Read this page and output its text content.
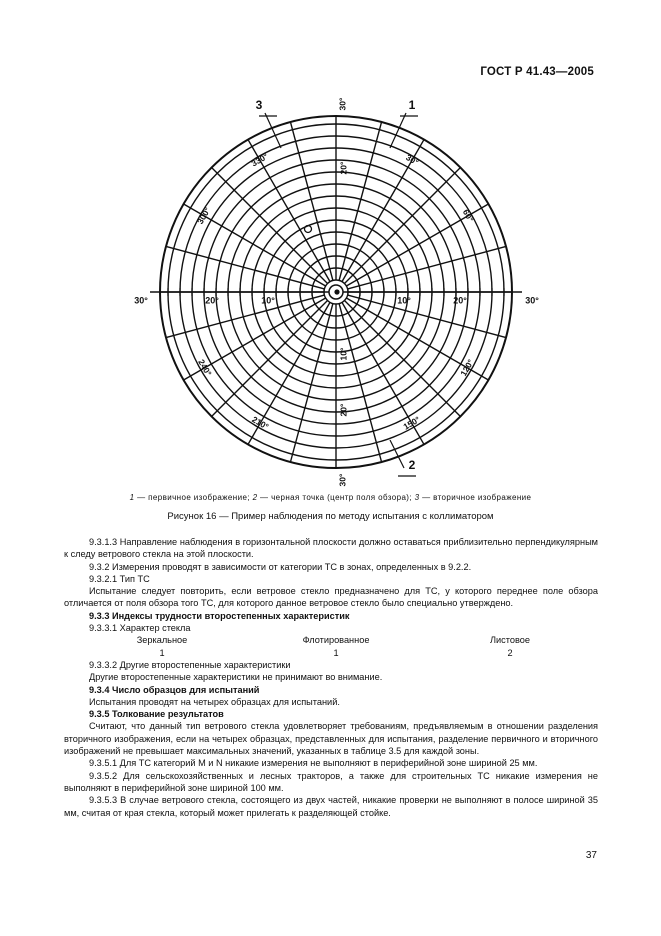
ГОСТ Р 41.43—2005
10°	20°
10°
20°	30°
30°
20°
10°
20°
30°
30°
60°
30°
330°
300°
210°
240°	120°
150°
1
2
3
1 — первичное изображение; 2 — черная точка (центр поля обзора); 3 — вторичное изображение
Рисунок 16 — Пример наблюдения по методу испытания с коллиматором

9.3.1.3 Направление наблюдения в горизонтальной плоскости должно оставаться приблизительно перпендикулярным к следу ветрового стекла на этой плоскости.

9.3.2 Измерения проводят в зависимости от категории ТС в зонах, определенных в 9.2.2.

9.3.2.1 Тип ТС

Испытание следует повторить, если ветровое стекло предназначено для ТС, у которого переднее поле обзора отличается от поля обзора того ТС, для которого данное ветровое стекло было специально утверждено.

9.3.3 Индексы трудности второстепенных характеристик

9.3.3.1 Характер стекла

Зеркальное	Флотированное	Листовое
1	1	2

9.3.3.2 Другие второстепенные характеристики

Другие второстепенные характеристики не принимают во внимание.

9.3.4 Число образцов для испытаний

Испытания проводят на четырех образцах для испытаний.

9.3.5 Толкование результатов

Считают, что данный тип ветрового стекла удовлетворяет требованиям, предъявляемым в отношении разделения вторичного изображения, если на четырех образцах, представленных для испытания, разделение первичного и вторичного изображений не превышает максимальных значений, указанных в таблице 3.5 для каждой зоны.

9.3.5.1 Для ТС категорий M и N никакие измерения не выполняют в периферийной зоне шириной 25 мм.

9.3.5.2 Для сельскохозяйственных и лесных тракторов, а также для строительных ТС никакие измерения не выполняют в периферийной зоне шириной 100 мм.

9.3.5.3 В случае ветрового стекла, состоящего из двух частей, никакие проверки не выполняют в полосе шириной 35 мм, считая от края стекла, который может прилегать к разделяющей стойке.

37
